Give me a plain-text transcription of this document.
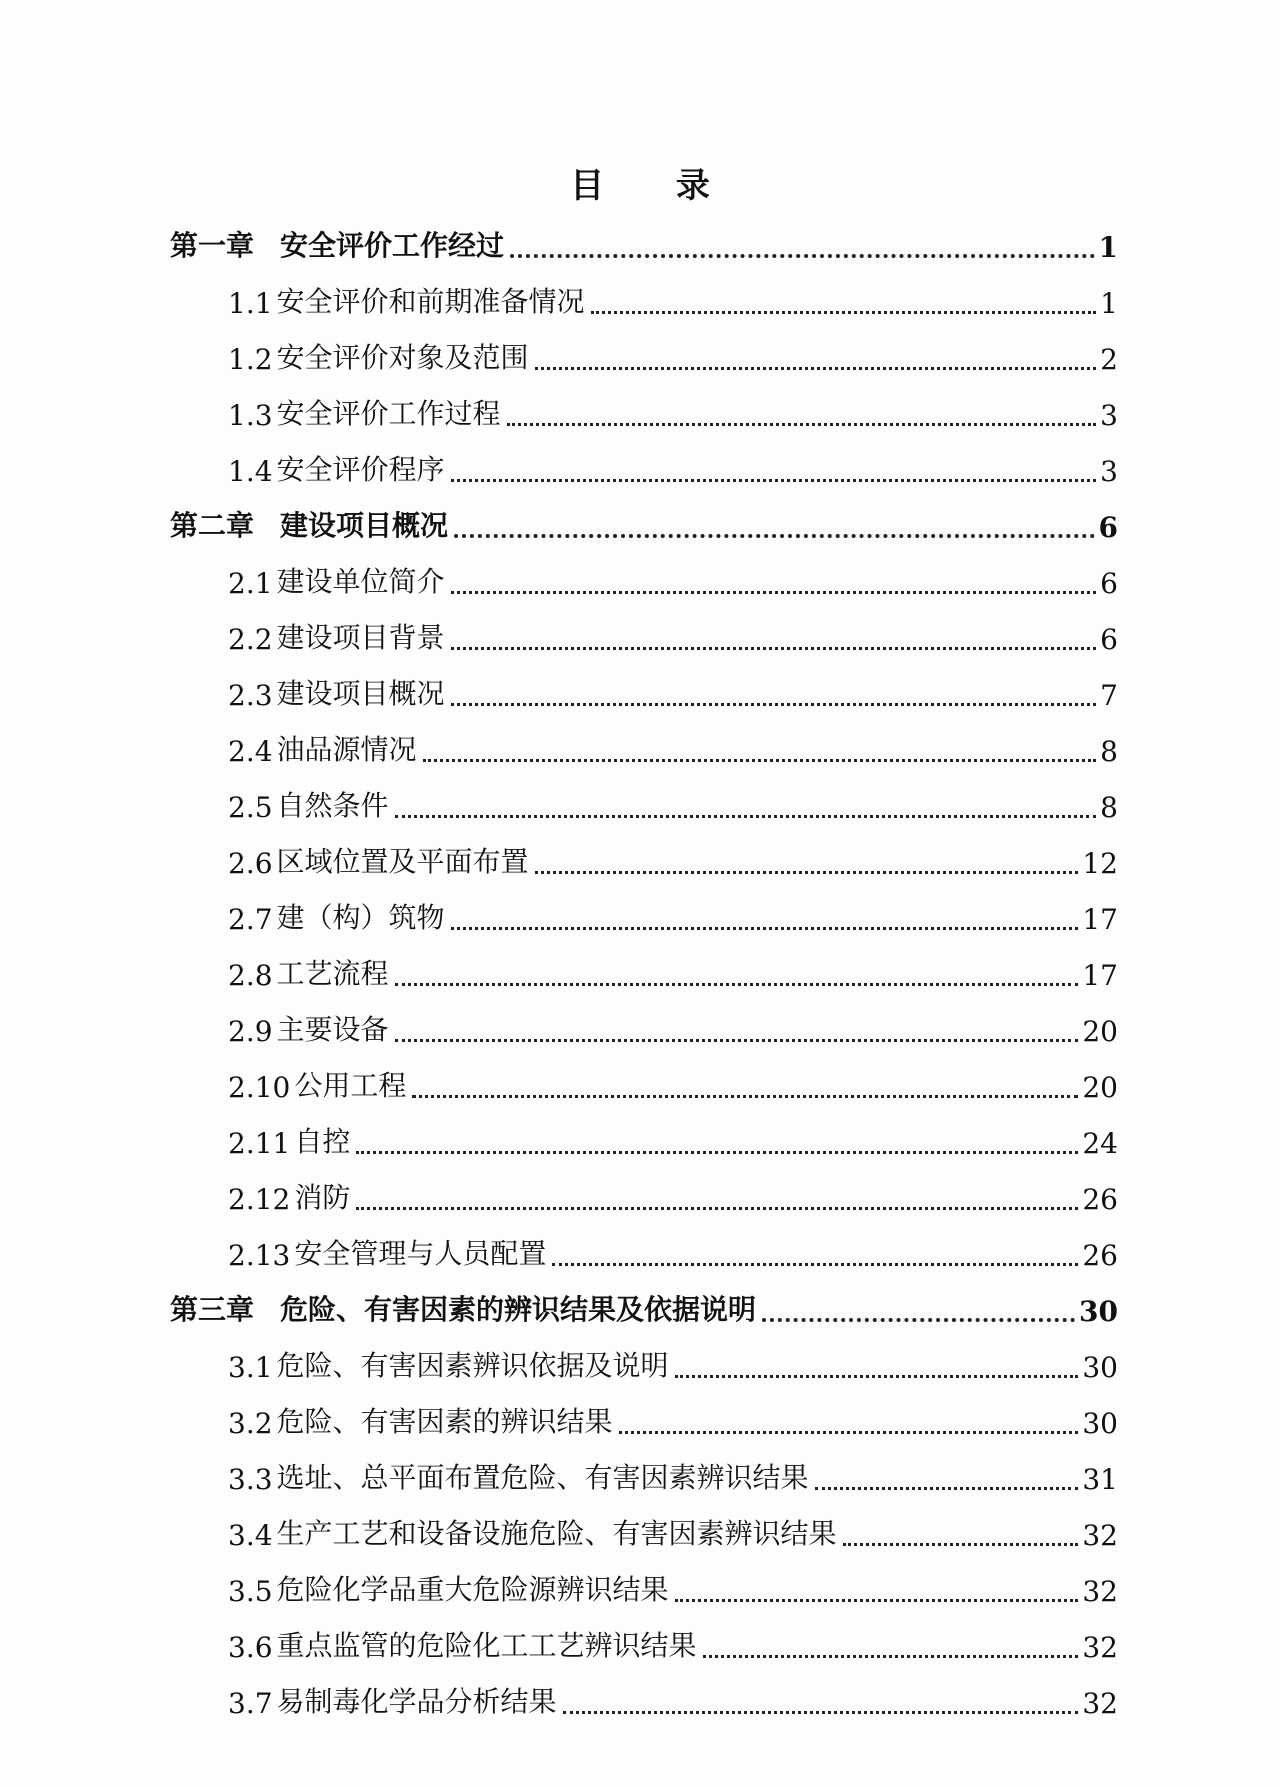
目 录
第一章 安全评价工作经过	1
1.1 安全评价和前期准备情况	1
1.2 安全评价对象及范围	2
1.3 安全评价工作过程	3
1.4 安全评价程序	3
第二章 建设项目概况	6
2.1 建设单位简介	6
2.2 建设项目背景	6
2.3 建设项目概况	7
2.4 油品源情况	8
2.5 自然条件	8
2.6 区域位置及平面布置	12
2.7 建（构）筑物	17
2.8 工艺流程	17
2.9 主要设备	20
2.10 公用工程	20
2.11 自控	24
2.12 消防	26
2.13 安全管理与人员配置	26
第三章 危险、有害因素的辨识结果及依据说明	30
3.1 危险、有害因素辨识依据及说明	30
3.2 危险、有害因素的辨识结果	30
3.3 选址、总平面布置危险、有害因素辨识结果	31
3.4 生产工艺和设备设施危险、有害因素辨识结果	32
3.5 危险化学品重大危险源辨识结果	32
3.6 重点监管的危险化工工艺辨识结果	32
3.7 易制毒化学品分析结果	32
